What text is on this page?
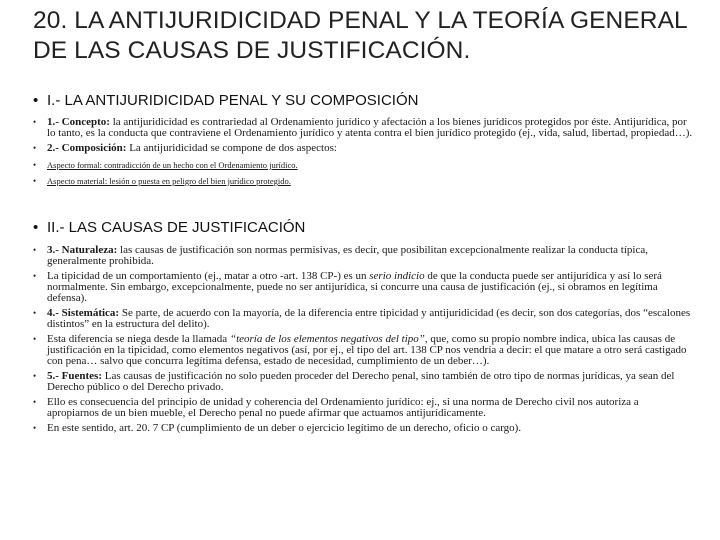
20. LA ANTIJURIDICIDAD PENAL Y LA TEORÍA GENERAL DE LAS CAUSAS DE JUSTIFICACIÓN.
• I.- LA ANTIJURIDICIDAD PENAL Y SU COMPOSICIÓN

• 1.- Concepto: la antijuridicidad es contrariedad al Ordenamiento jurídico y afectación a los bienes jurídicos protegidos por éste. Antijurídica, por lo tanto, es la conducta que contraviene el Ordenamiento jurídico y atenta contra el bien jurídico protegido (ej., vida, salud, libertad, propiedad…).

• 2.- Composición: La antijuridicidad se compone de dos aspectos:

• Aspecto formal: contradicción de un hecho con el Ordenamiento jurídico.

• Aspecto material: lesión o puesta en peligro del bien jurídico protegido.

• II.- LAS CAUSAS DE JUSTIFICACIÓN

• 3.- Naturaleza: las causas de justificación son normas permisivas, es decir, que posibilitan excepcionalmente realizar la conducta típica, generalmente prohibida.

• La tipicidad de un comportamiento (ej., matar a otro -art. 138 CP-) es un serio indicio de que la conducta puede ser antijurídica y así lo será normalmente. Sin embargo, excepcionalmente, puede no ser antijurídica, si concurre una causa de justificación (ej., si obramos en legítima defensa).

• 4.- Sistemática: Se parte, de acuerdo con la mayoría, de la diferencia entre tipicidad y antijuridicidad (es decir, son dos categorías, dos “escalones distintos” en la estructura del delito).

• Esta diferencia se niega desde la llamada “teoría de los elementos negativos del tipo”, que, como su propio nombre indica, ubica las causas de justificación en la tipicidad, como elementos negativos (así, por ej., el tipo del art. 138 CP nos vendría a decir: el que matare a otro será castigado con pena… salvo que concurra legítima defensa, estado de necesidad, cumplimiento de un deber…).

• 5.- Fuentes: Las causas de justificación no solo pueden proceder del Derecho penal, sino también de otro tipo de normas jurídicas, ya sean del Derecho público o del Derecho privado.

• Ello es consecuencia del principio de unidad y coherencia del Ordenamiento jurídico: ej., si una norma de Derecho civil nos autoriza a apropiarnos de un bien mueble, el Derecho penal no puede afirmar que actuamos antijurídicamente.

• En este sentido, art. 20. 7 CP (cumplimiento de un deber o ejercicio legítimo de un derecho, oficio o cargo).
